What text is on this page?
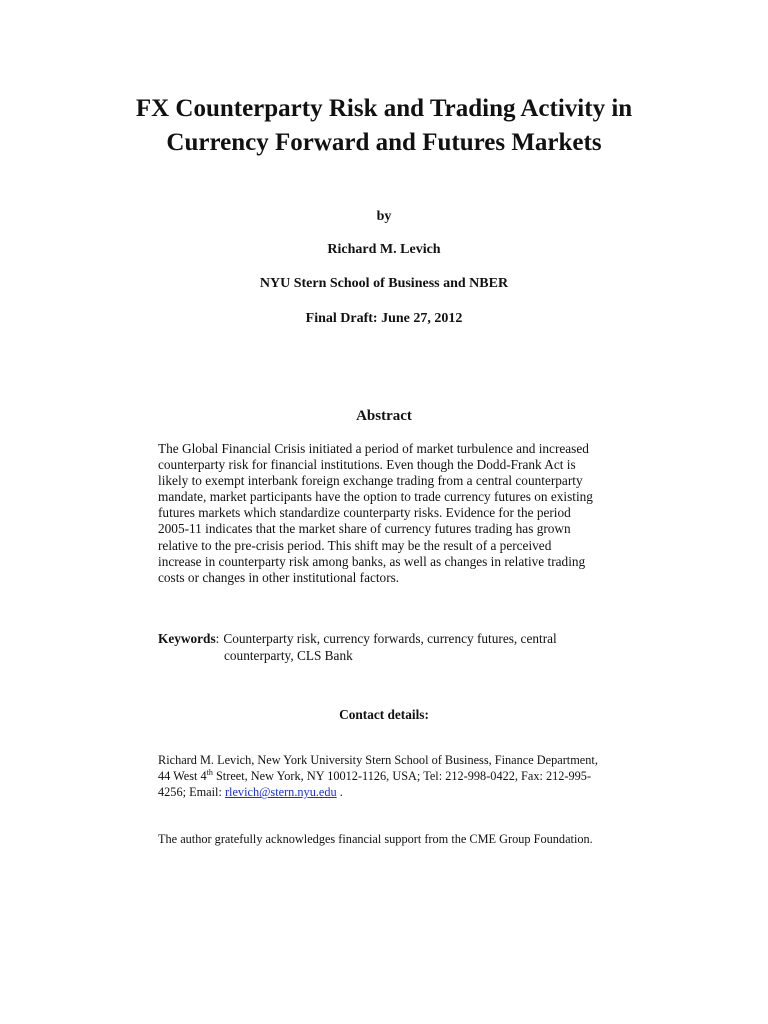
FX Counterparty Risk and Trading Activity in
Currency Forward and Futures Markets
by
Richard M. Levich
NYU Stern School of Business and NBER
Final Draft: June 27, 2012
Abstract
The Global Financial Crisis initiated a period of market turbulence and increased
counterparty risk for financial institutions. Even though the Dodd-Frank Act is
likely to exempt interbank foreign exchange trading from a central counterparty
mandate, market participants have the option to trade currency futures on existing
futures markets which standardize counterparty risks. Evidence for the period
2005-11 indicates that the market share of currency futures trading has grown
relative to the pre-crisis period. This shift may be the result of a perceived
increase in counterparty risk among banks, as well as changes in relative trading
costs or changes in other institutional factors.
Keywords: Counterparty risk, currency forwards, currency futures, central
counterparty, CLS Bank
Contact details:
Richard M. Levich, New York University Stern School of Business, Finance Department,
44 West 4th Street, New York, NY 10012-1126, USA; Tel: 212-998-0422, Fax: 212-995-
4256; Email: rlevich@stern.nyu.edu .
The author gratefully acknowledges financial support from the CME Group Foundation.
